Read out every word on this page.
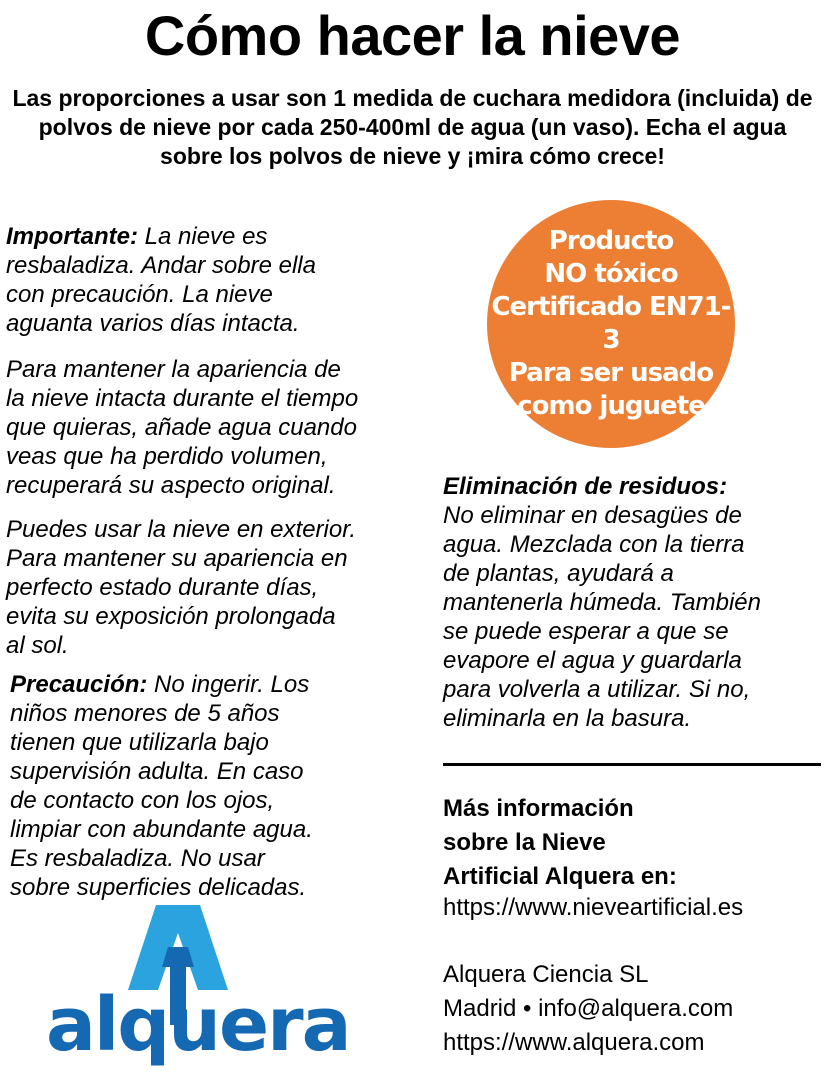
Cómo hacer la nieve
Las proporciones a usar son 1 medida de cuchara medidora (incluida) de polvos de nieve por cada 250-400ml de agua (un vaso). Echa el agua sobre los polvos de nieve y ¡mira cómo crece!
Importante: La nieve es
resbaladiza. Andar sobre ella
con precaución. La nieve
aguanta varios días intacta.
Para mantener la apariencia de
la nieve intacta durante el tiempo
que quieras, añade agua cuando
veas que ha perdido volumen,
recuperará su aspecto original.
Puedes usar la nieve en exterior.
Para mantener su apariencia en
perfecto estado durante días,
evita su exposición prolongada
al sol.
Precaución: No ingerir. Los
niños menores de 5 años
tienen que utilizarla bajo
supervisión adulta. En caso
de contacto con los ojos,
limpiar con abundante agua.
Es resbaladiza. No usar
sobre superficies delicadas.
Producto
NO tóxico
Certificado EN71-3
Para ser usado
como juguete
Eliminación de residuos:
No eliminar en desagües de
agua. Mezclada con la tierra
de plantas, ayudará a
mantenerla húmeda. También
se puede esperar a que se
evapore el agua y guardarla
para volverla a utilizar. Si no,
eliminarla en la basura.
Más información
sobre la Nieve
Artificial Alquera en:
https://www.nieveartificial.es
Alquera Ciencia SL
Madrid • info@alquera.com
https://www.alquera.com
alquera
